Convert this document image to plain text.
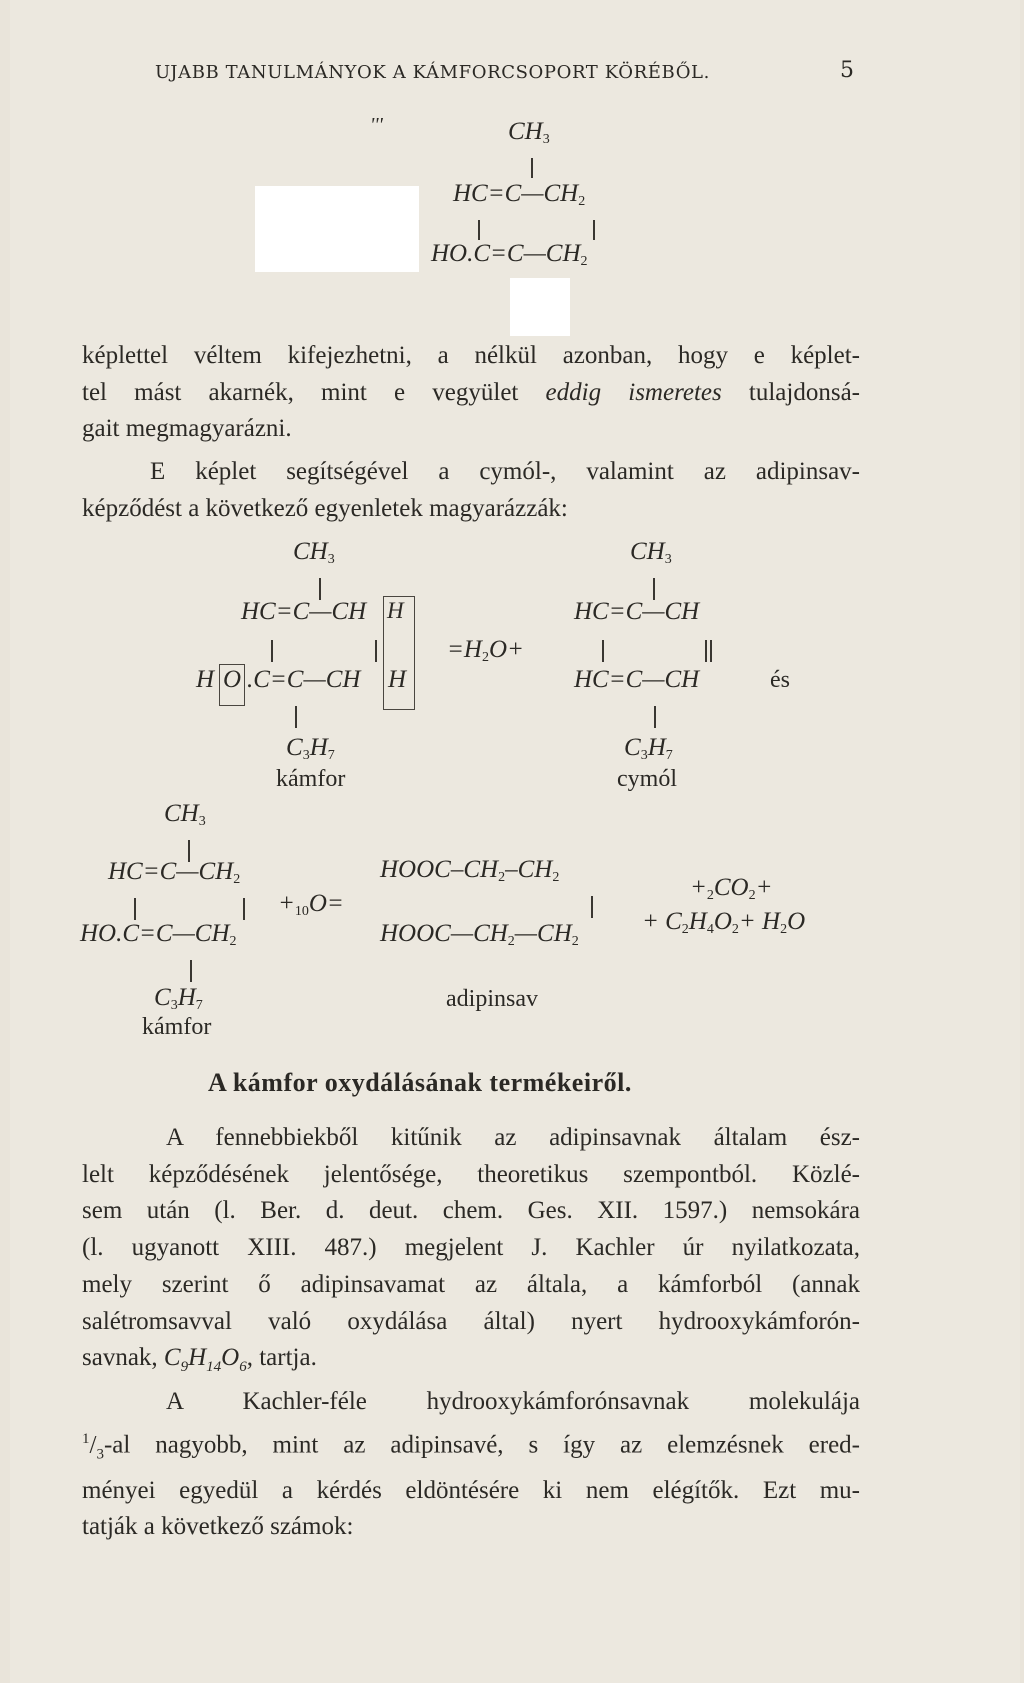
UJABB TANULMÁNYOK A KÁMFORCSOPORT KÖRÉBŐL.	5
'''	$CH_3$
$HC=C—CH_2$
$HO.C=C—CH_2$
képlettel véltem kifejezhetni, a nélkül azonban, hogy e képlet-
tel mást akarnék, mint e vegyület eddig ismeretes tulajdonsá-
gait megmagyarázni.
E képlet segítségével a cymól-, valamint az adipinsav-
képződést a következő egyenletek magyarázzák:
$CH_3$
HC=C—CH H
H O .C=C—CH H
$C_3H_7$
kámfor
$=H_2O+$
$CH_3$
HC=C—CH
HC=C—CH	és
$C_3H_7$
cymól
$CH_3$
$HC=C—CH_2$
$+_{10}O=$
$HO.C=C—CH_2$
$C_3H_7$
kámfor
HOOC–$CH_2-CH_2$
$HOOC—CH_2—CH_2$
adipinsav
$+_2CO_2+$
+ $C_2H_4O_2+ H_2O$
A kámfor oxydálásának termékeiről.
A fennebbiekből kitűnik az adipinsavnak általam ész-
lelt képződésének jelentősége, theoretikus szempontból. Közlé-
sem után (l. Ber. d. deut. chem. Ges. XII. 1597.) nemsokára
(l. ugyanott XIII. 487.) megjelent J. Kachler úr nyilatkozata,
mely szerint ő adipinsavamat az általa, a kámforból (annak
salétromsavval való oxydálása által) nyert hydrooxykámforón-
savnak, $C_9H_{14}O_6$, tartja.
A Kachler-féle hydrooxykámforónsavnak molekulája
$^1/_3-al$ nagyobb, mint az adipinsavé, s így az elemzésnek ered-
ményei egyedül a kérdés eldöntésére ki nem elégítők. Ezt mu-
tatják a következő számok:
